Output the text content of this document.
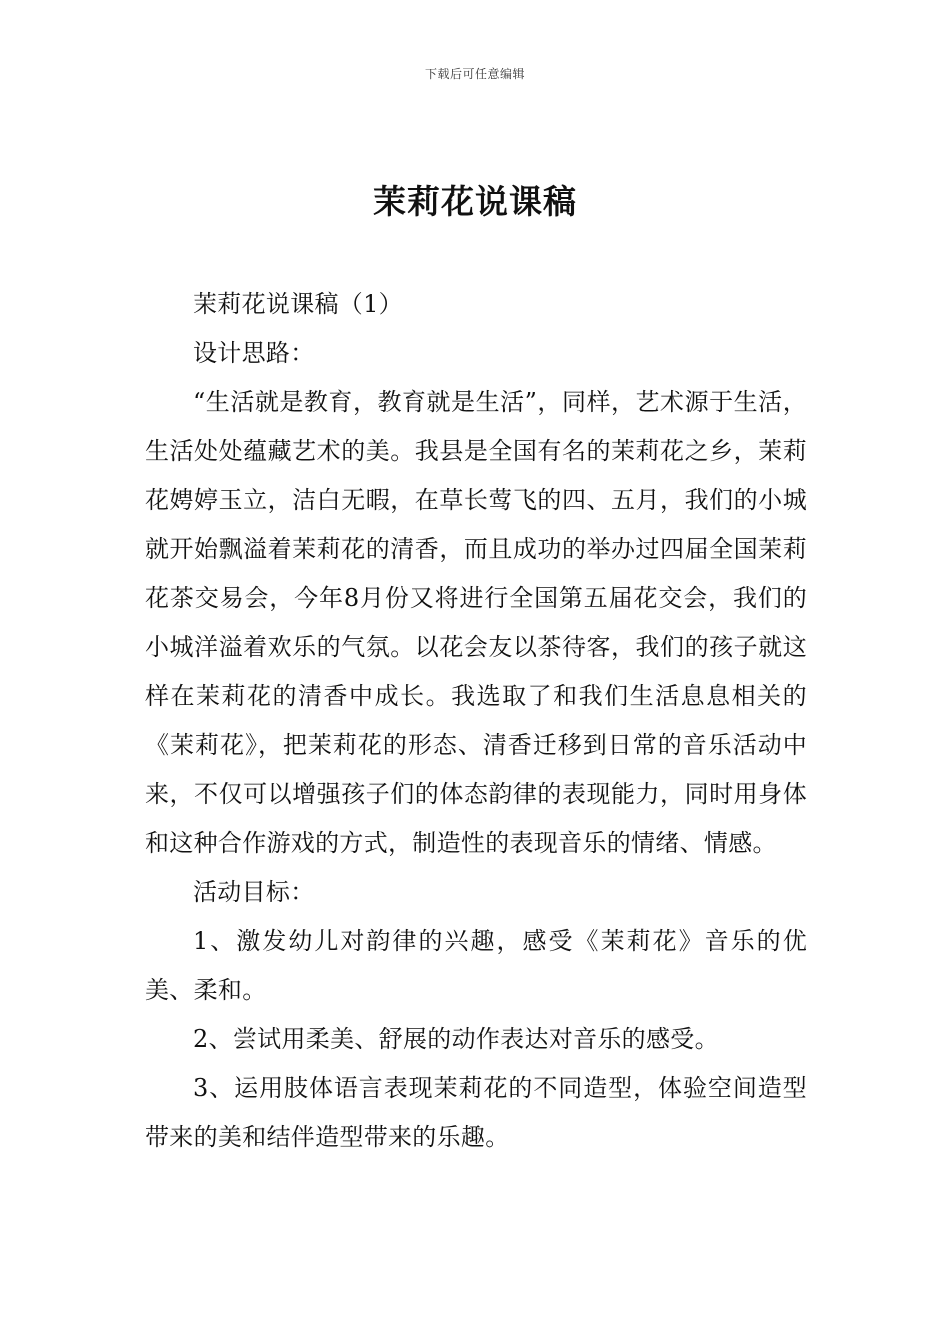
下载后可任意编辑
茉莉花说课稿

茉莉花说课稿（1）

设计思路：

“生活就是教育，教育就是生活”，同样，艺术源于生活，生活处处蕴藏艺术的美。我县是全国有名的茉莉花之乡，茉莉花娉婷玉立，洁白无暇，在草长莺飞的四、五月，我们的小城就开始飘溢着茉莉花的清香，而且成功的举办过四届全国茉莉花茶交易会，今年8月份又将进行全国第五届花交会，我们的小城洋溢着欢乐的气氛。以花会友以茶待客，我们的孩子就这样在茉莉花的清香中成长。我选取了和我们生活息息相关的《茉莉花》，把茉莉花的形态、清香迁移到日常的音乐活动中来，不仅可以增强孩子们的体态韵律的表现能力，同时用身体和这种合作游戏的方式，制造性的表现音乐的情绪、情感。

活动目标：

1、激发幼儿对韵律的兴趣，感受《茉莉花》音乐的优美、柔和。

2、尝试用柔美、舒展的动作表达对音乐的感受。

3、运用肢体语言表现茉莉花的不同造型，体验空间造型带来的美和结伴造型带来的乐趣。
